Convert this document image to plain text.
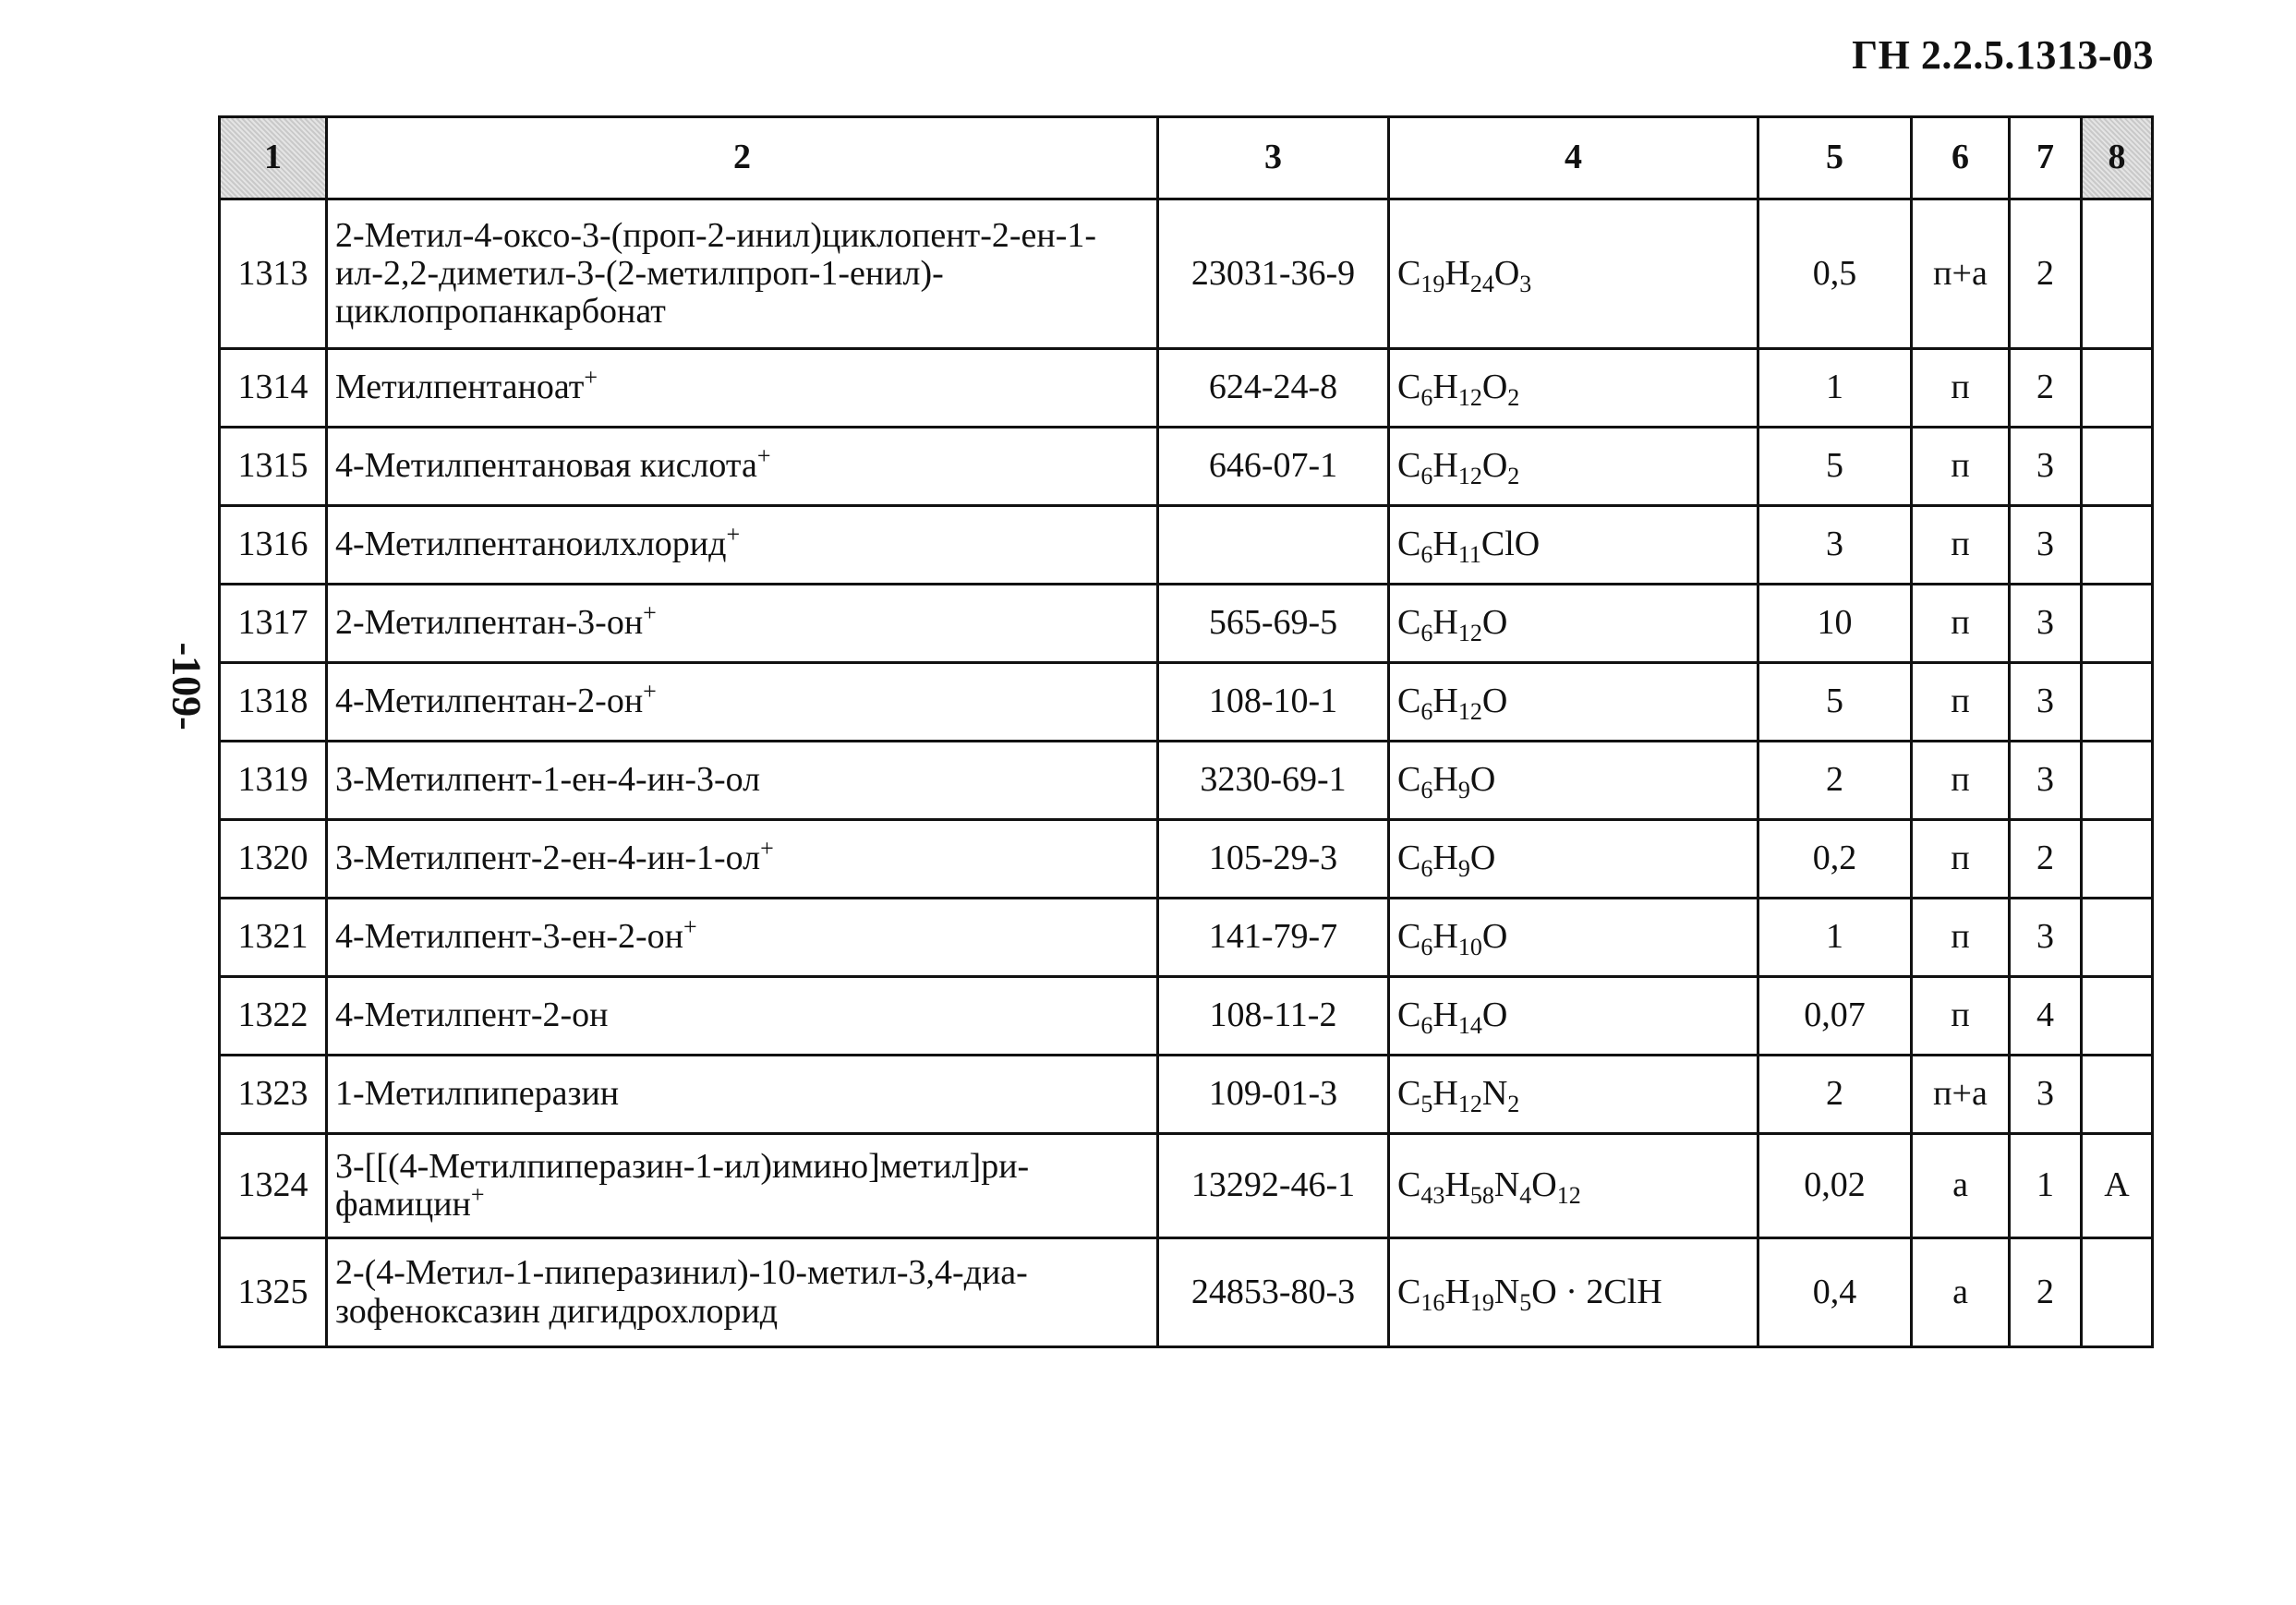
ГН 2.2.5.1313-03
-109-
1	2	3	4	5	6	7	8
1313	2-Метил-4-оксо-3-(проп-2-инил)циклопент-2-ен-1-ил-2,2-диметил-3-(2-метилпроп-1-енил)-циклопропанкарбонат	23031-36-9	$C_{19}H_{24}O_3$	0,5	п+а	2	
1314	Метилпентаноат+	624-24-8	$C_6H_{12}O_2$	1	п	2	
1315	4-Метилпентановая кислота+	646-07-1	$C_6H_{12}O_2$	5	п	3	
1316	4-Метилпентаноилхлорид+		$C_6H_{11}ClO$	3	п	3	
1317	2-Метилпентан-3-он+	565-69-5	$C_6H_{12}O$	10	п	3	
1318	4-Метилпентан-2-он+	108-10-1	$C_6H_{12}O$	5	п	3	
1319	3-Метилпент-1-ен-4-ин-3-ол	3230-69-1	$C_6H_9O$	2	п	3	
1320	3-Метилпент-2-ен-4-ин-1-ол+	105-29-3	$C_6H_9O$	0,2	п	2	
1321	4-Метилпент-3-ен-2-он+	141-79-7	$C_6H_{10}O$	1	п	3	
1322	4-Метилпент-2-он	108-11-2	$C_6H_{14}O$	0,07	п	4	
1323	1-Метилпиперазин	109-01-3	$C_5H_{12}N_2$	2	п+а	3	
1324	3-[[(4-Метилпиперазин-1-ил)имино]метил]ри-фамицин+	13292-46-1	$C_{43}H_{58}N_4O_{12}$	0,02	а	1	А
1325	2-(4-Метил-1-пиперазинил)-10-метил-3,4-диа-зофеноксазин дигидрохлорид	24853-80-3	$C_{16}H_{19}N_5O \cdot 2ClH$	0,4	а	2	
